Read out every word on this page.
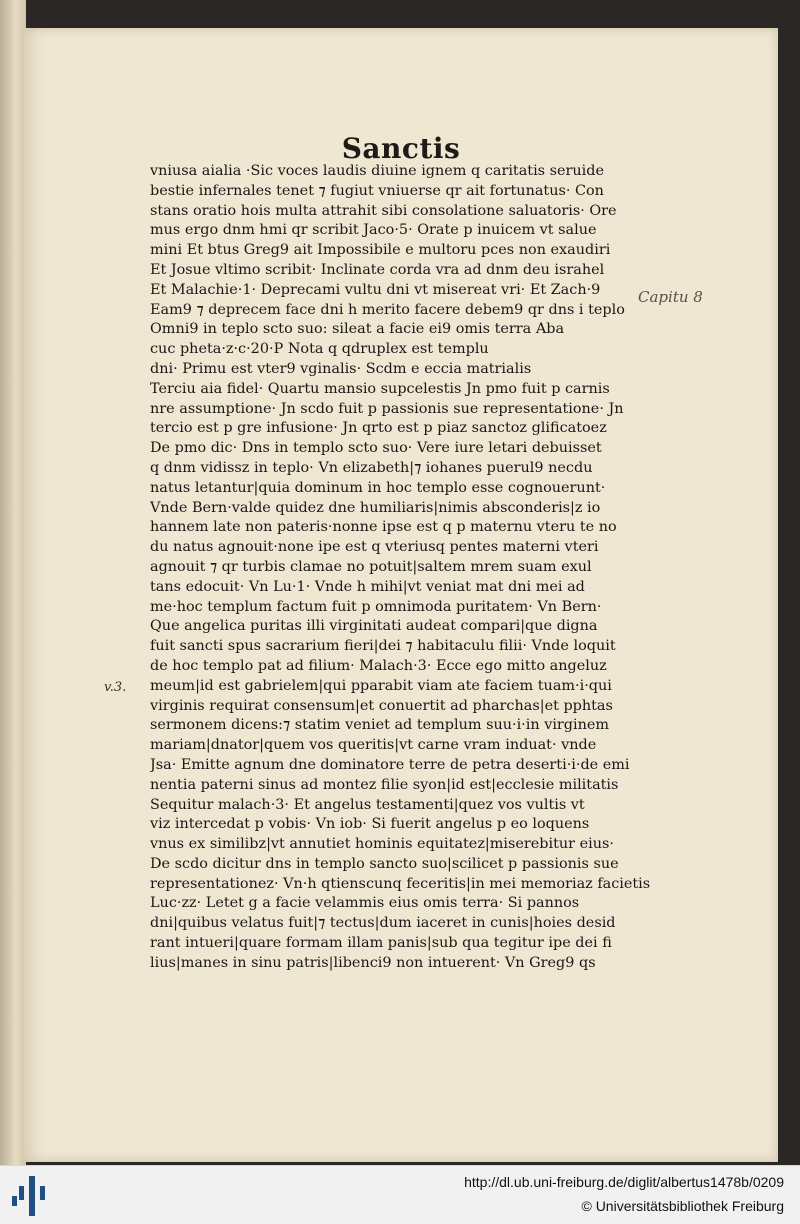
Sanctis
Capitu 8
v.3.
vniusa aialia ·Sic voces laudis diuine ignem q caritatis seruide
bestie infernales tenet ⁊ fugiut vniuerse qr ait fortunatus· Con
stans oratio hois multa attrahit sibi consolatione saluatoris· Ore
mus ergo dnm hmi qr scribit Jaco·5· Orate p inuicem vt salue
mini Et btus Greg9 ait Impossibile e multoru pces non exaudiri
Et Josue vltimo scribit· Inclinate corda vra ad dnm deu israhel
Et Malachie·1· Deprecami vultu dni vt misereat vri· Et Zach·9
Eam9 ⁊ deprecem face dni h merito facere debem9 qr dns i teplo
Omni9 in teplo scto suo: sileat a facie ei9 omis terra Aba
cuc pheta·z·c·20·P Nota q qdruplex est templu
dni· Primu est vter9 vginalis· Scdm e eccia matrialis
Terciu aia fidel· Quartu mansio supcelestis Jn pmo fuit p carnis
nre assumptione· Jn scdo fuit p passionis sue representatione· Jn
tercio est p gre infusione· Jn qrto est p piaz sanctoz glificatoez
De pmo dic· Dns in templo scto suo· Vere iure letari debuisset
q dnm vidissz in teplo· Vn elizabeth|⁊ iohanes puerul9 necdu
natus letantur|quia dominum in hoc templo esse cognouerunt·
Vnde Bern·valde quidez dne humiliaris|nimis absconderis|z io
hannem late non pateris·nonne ipse est q p maternu vteru te no
du natus agnouit·none ipe est q vteriusq pentes materni vteri
agnouit ⁊ qr turbis clamae no potuit|saltem mrem suam exul
tans edocuit· Vn Lu·1· Vnde h mihi|vt veniat mat dni mei ad
me·hoc templum factum fuit p omnimoda puritatem· Vn Bern·
Que angelica puritas illi virginitati audeat compari|que digna
fuit sancti spus sacrarium fieri|dei ⁊ habitaculu filii· Vnde loquit
de hoc templo pat ad filium· Malach·3· Ecce ego mitto angeluz
meum|id est gabrielem|qui pparabit viam ate faciem tuam·i·qui
virginis requirat consensum|et conuertit ad pharchas|et pphtas
sermonem dicens:⁊ statim veniet ad templum suu·i·in virginem
mariam|dnator|quem vos queritis|vt carne vram induat· vnde
Jsa· Emitte agnum dne dominatore terre de petra deserti·i·de emi
nentia paterni sinus ad montez filie syon|id est|ecclesie militatis
Sequitur malach·3· Et angelus testamenti|quez vos vultis vt
viz intercedat p vobis· Vn iob· Si fuerit angelus p eo loquens
vnus ex similibz|vt annutiet hominis equitatez|miserebitur eius·
De scdo dicitur dns in templo sancto suo|scilicet p passionis sue
representationez· Vn·h qtienscunq feceritis|in mei memoriaz facietis
Luc·zz· Letet g a facie velammis eius omis terra· Si pannos
dni|quibus velatus fuit|⁊ tectus|dum iaceret in cunis|hoies desid
rant intueri|quare formam illam panis|sub qua tegitur ipe dei fi
lius|manes in sinu patris|libenci9 non intuerent· Vn Greg9 qs
http://dl.ub.uni-freiburg.de/diglit/albertus1478b/0209
© Universitätsbibliothek Freiburg
